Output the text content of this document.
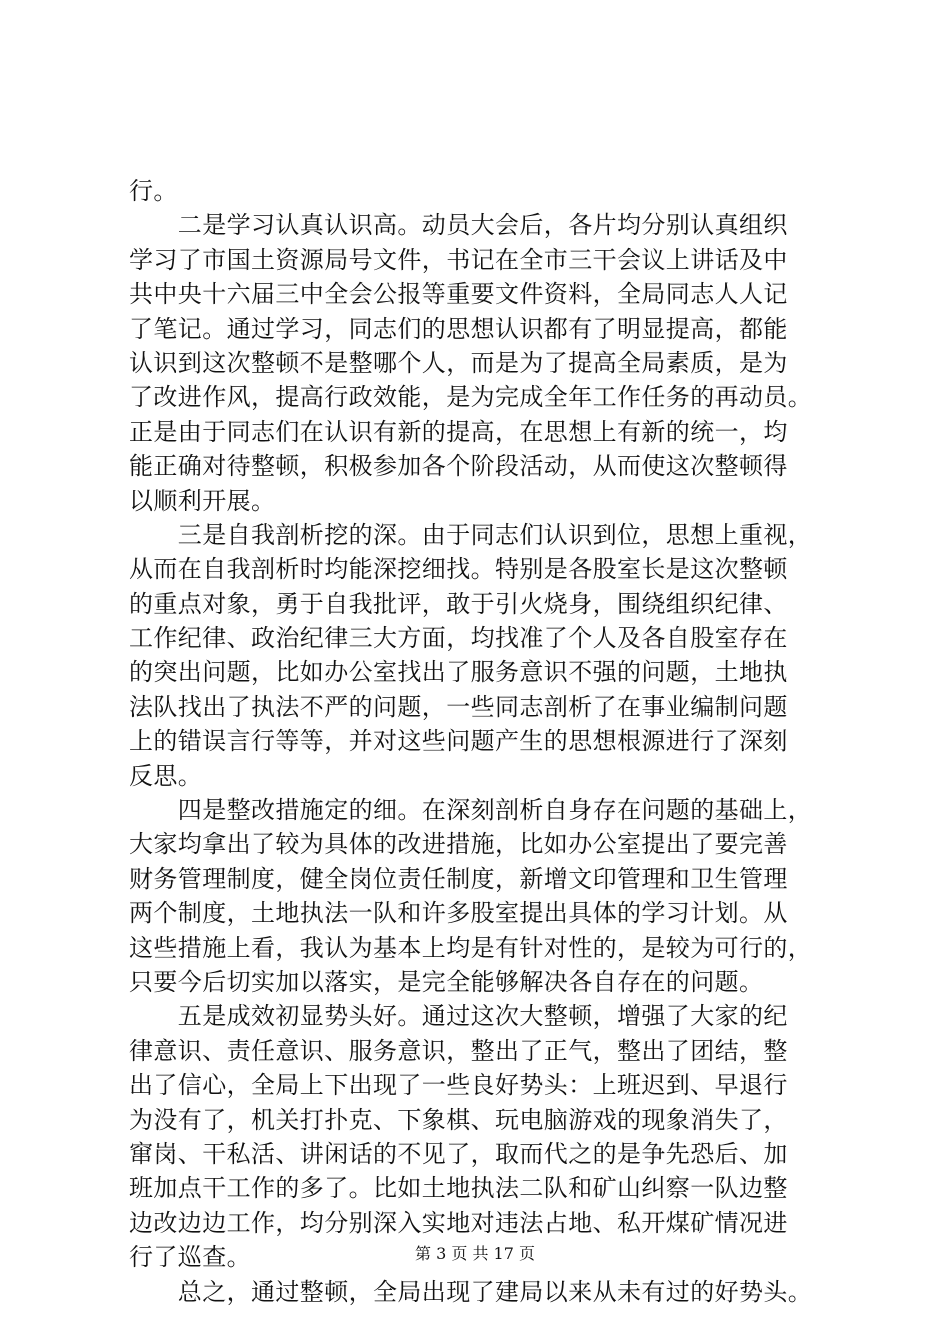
行。
　　二是学习认真认识高。动员大会后，各片均分别认真组织
学习了市国土资源局号文件，书记在全市三干会议上讲话及中
共中央十六届三中全会公报等重要文件资料，全局同志人人记
了笔记。通过学习，同志们的思想认识都有了明显提高，都能
认识到这次整顿不是整哪个人，而是为了提高全局素质，是为
了改进作风，提高行政效能，是为完成全年工作任务的再动员。
正是由于同志们在认识有新的提高，在思想上有新的统一，均
能正确对待整顿，积极参加各个阶段活动，从而使这次整顿得
以顺利开展。
　　三是自我剖析挖的深。由于同志们认识到位，思想上重视，
从而在自我剖析时均能深挖细找。特别是各股室长是这次整顿
的重点对象，勇于自我批评，敢于引火烧身，围绕组织纪律、
工作纪律、政治纪律三大方面，均找准了个人及各自股室存在
的突出问题，比如办公室找出了服务意识不强的问题，土地执
法队找出了执法不严的问题，一些同志剖析了在事业编制问题
上的错误言行等等，并对这些问题产生的思想根源进行了深刻
反思。
　　四是整改措施定的细。在深刻剖析自身存在问题的基础上，
大家均拿出了较为具体的改进措施，比如办公室提出了要完善
财务管理制度，健全岗位责任制度，新增文印管理和卫生管理
两个制度，土地执法一队和许多股室提出具体的学习计划。从
这些措施上看，我认为基本上均是有针对性的，是较为可行的，
只要今后切实加以落实，是完全能够解决各自存在的问题。
　　五是成效初显势头好。通过这次大整顿，增强了大家的纪
律意识、责任意识、服务意识，整出了正气，整出了团结，整
出了信心，全局上下出现了一些良好势头：上班迟到、早退行
为没有了，机关打扑克、下象棋、玩电脑游戏的现象消失了，
窜岗、干私活、讲闲话的不见了，取而代之的是争先恐后、加
班加点干工作的多了。比如土地执法二队和矿山纠察一队边整
边改边边工作，均分别深入实地对违法占地、私开煤矿情况进
行了巡查。
　　总之，通过整顿，全局出现了建局以来从未有过的好势头。
第 3 页 共 17 页
